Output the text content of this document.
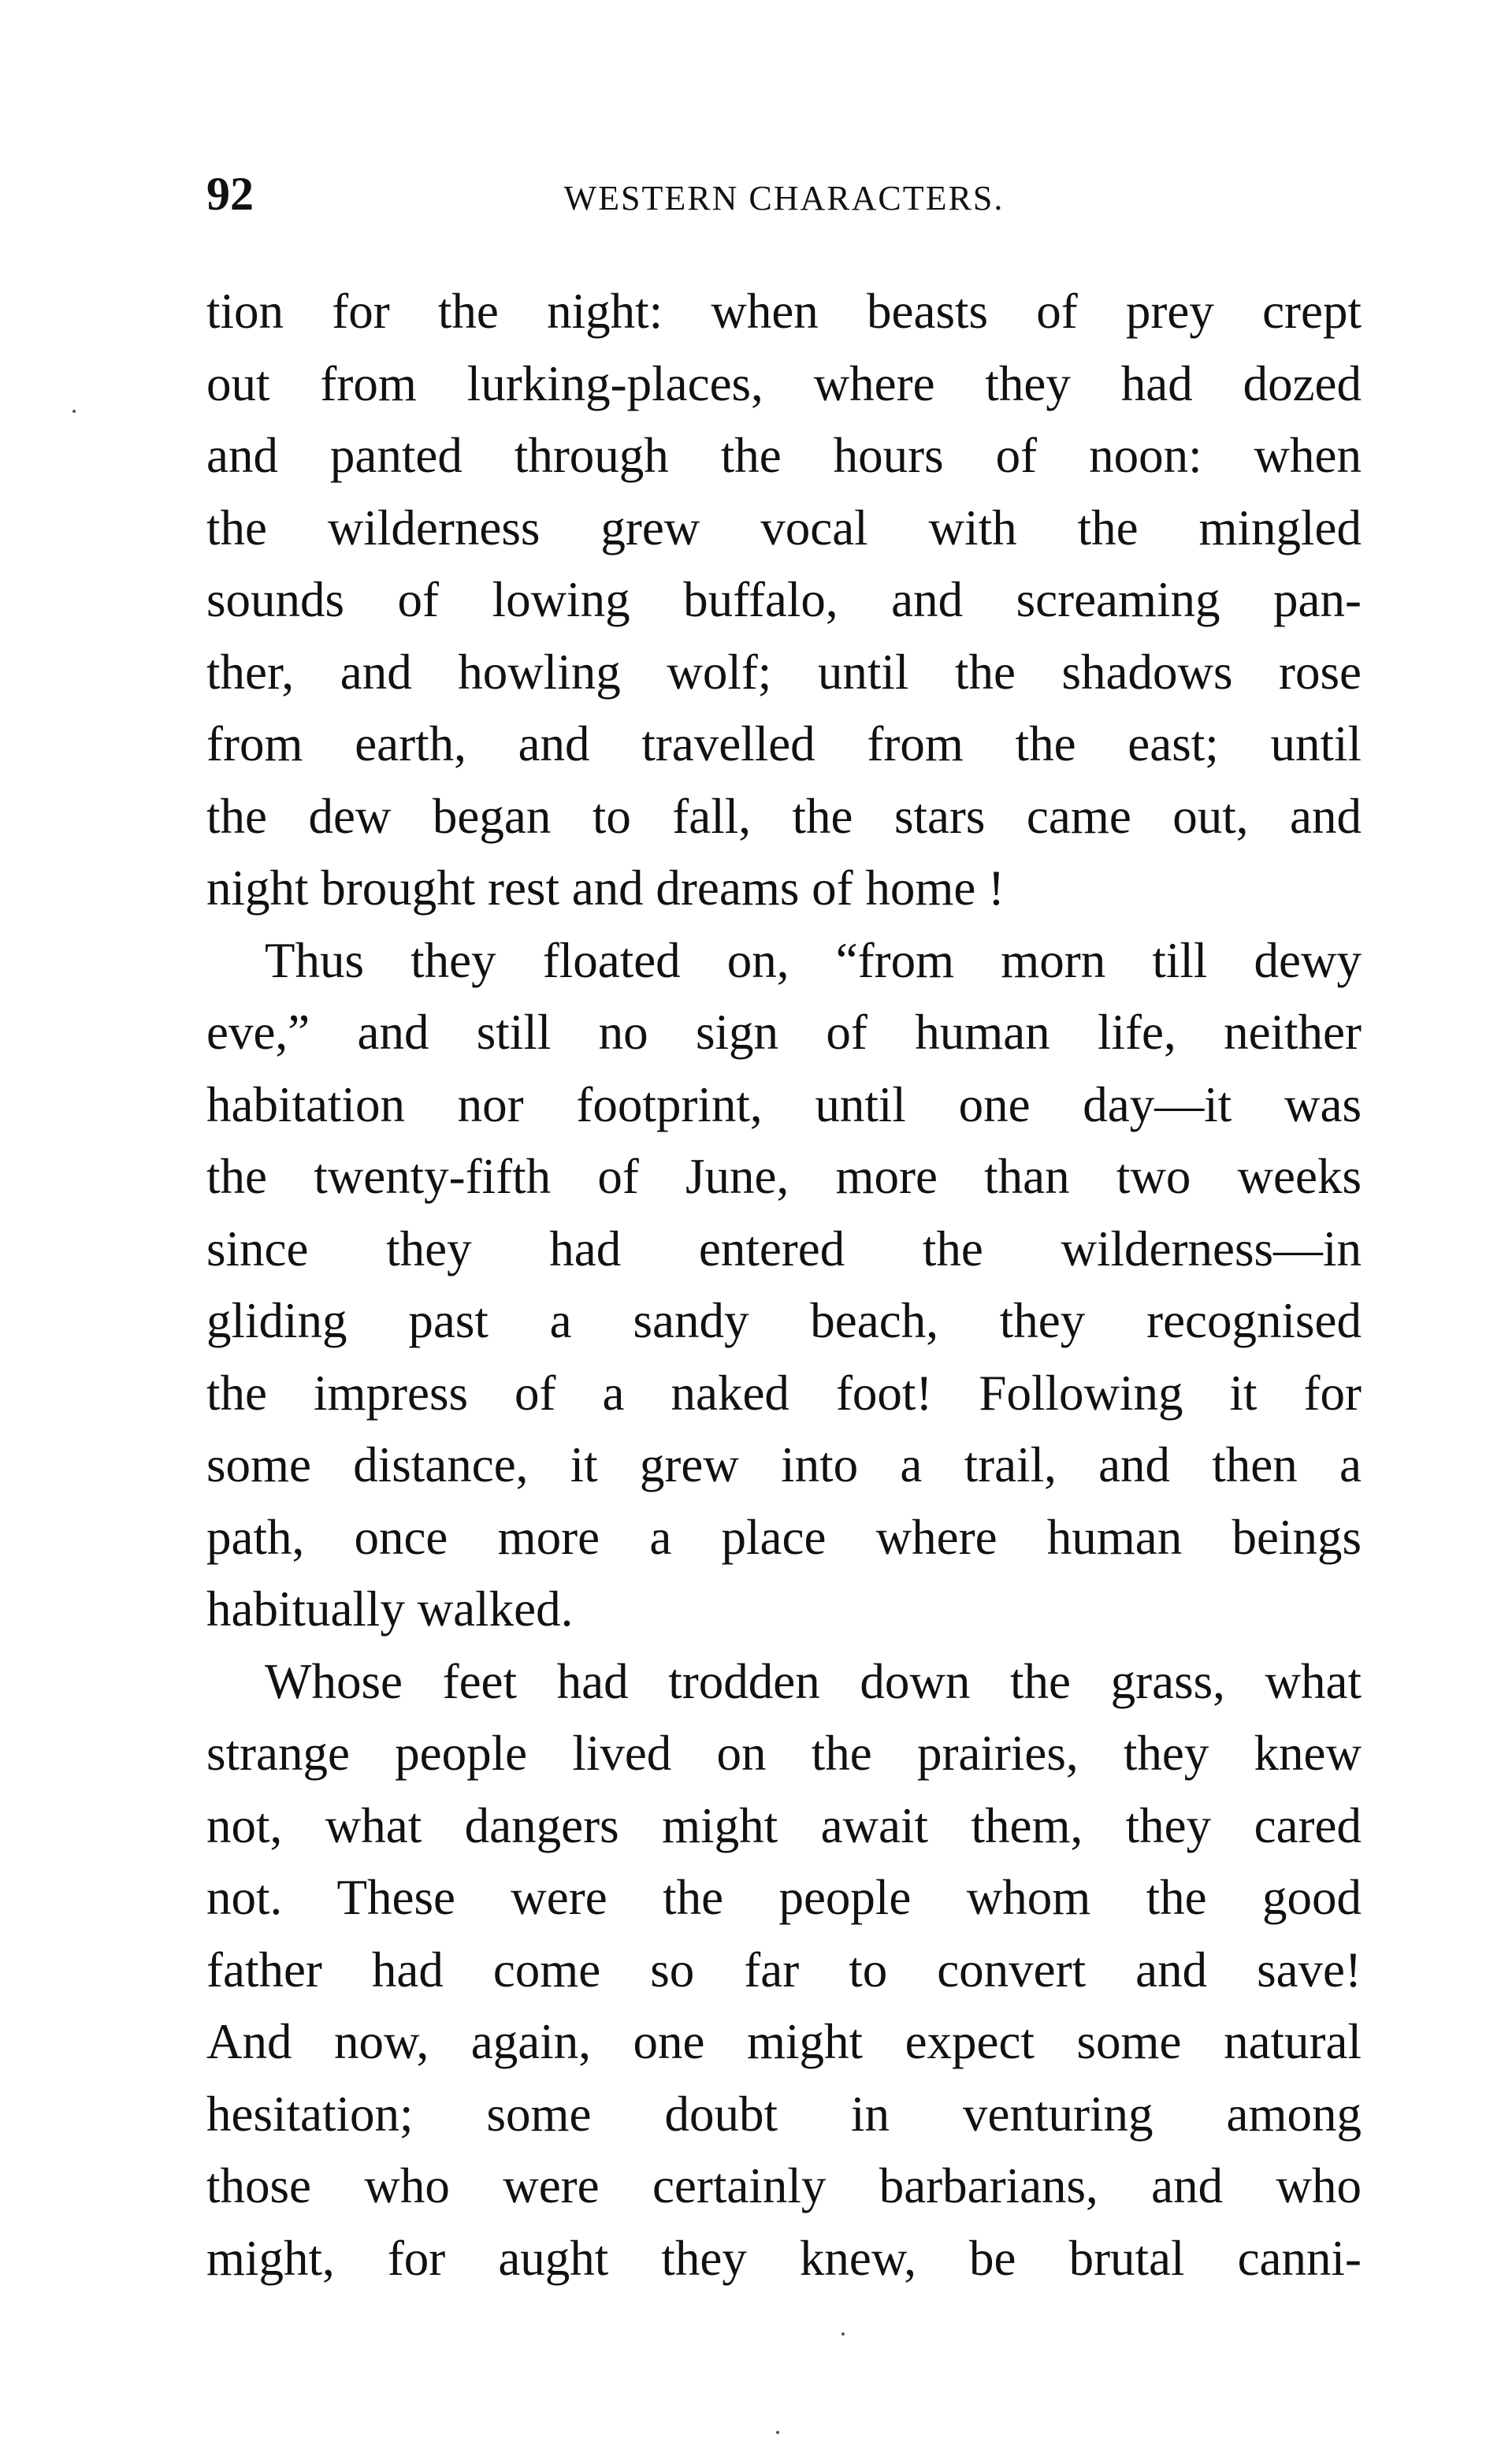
92	WESTERN CHARACTERS.
tion for the night: when beasts of prey crept
out from lurking-places, where they had dozed
and panted through the hours of noon: when
the wilderness grew vocal with the mingled
sounds of lowing buffalo, and screaming pan-
ther, and howling wolf; until the shadows rose
from earth, and travelled from the east; until
the dew began to fall, the stars came out, and
night brought rest and dreams of home !
Thus they floated on, “from morn till dewy
eve,” and still no sign of human life, neither
habitation nor footprint, until one day—it was
the twenty-fifth of June, more than two weeks
since they had entered the wilderness—in
gliding past a sandy beach, they recognised
the impress of a naked foot! Following it for
some distance, it grew into a trail, and then a
path, once more a place where human beings
habitually walked.
Whose feet had trodden down the grass, what
strange people lived on the prairies, they knew
not, what dangers might await them, they cared
not. These were the people whom the good
father had come so far to convert and save!
And now, again, one might expect some natural
hesitation; some doubt in venturing among
those who were certainly barbarians, and who
might, for aught they knew, be brutal canni-
